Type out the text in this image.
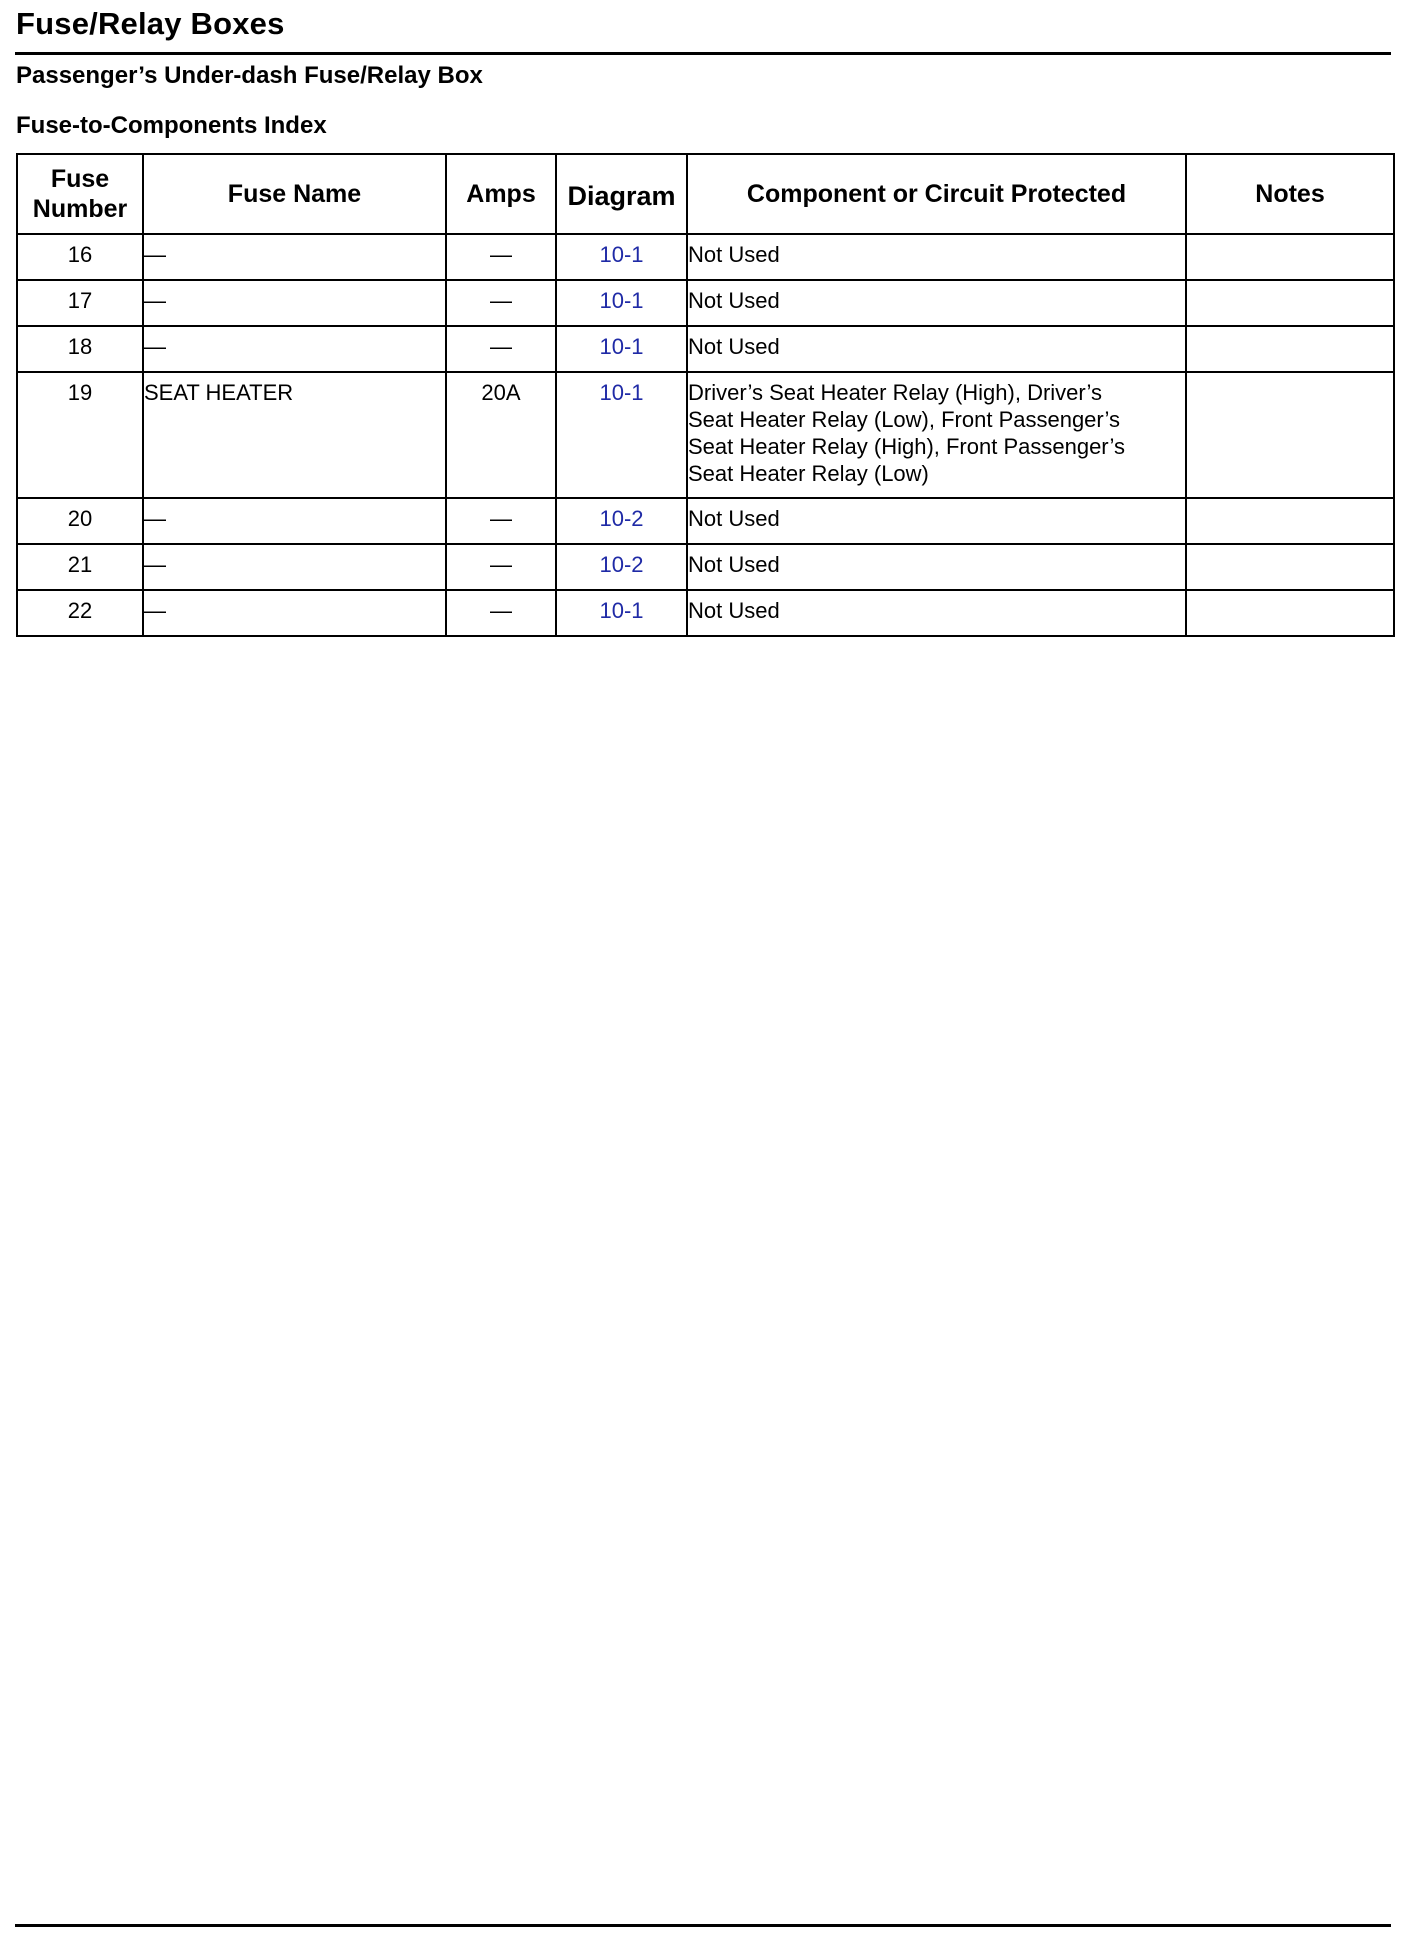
Fuse/Relay Boxes
Passenger’s Under-dash Fuse/Relay Box
Fuse-to-Components Index
Fuse
Number	Fuse Name	Amps	Diagram	Component or Circuit Protected	Notes
16	—	—	10-1	Not Used	
17	—	—	10-1	Not Used	
18	—	—	10-1	Not Used	
19	SEAT HEATER	20A	10-1	Driver’s Seat Heater Relay (High), Driver’s
Seat Heater Relay (Low), Front Passenger’s
Seat Heater Relay (High), Front Passenger’s
Seat Heater Relay (Low)	
20	—	—	10-2	Not Used	
21	—	—	10-2	Not Used	
22	—	—	10-1	Not Used	
